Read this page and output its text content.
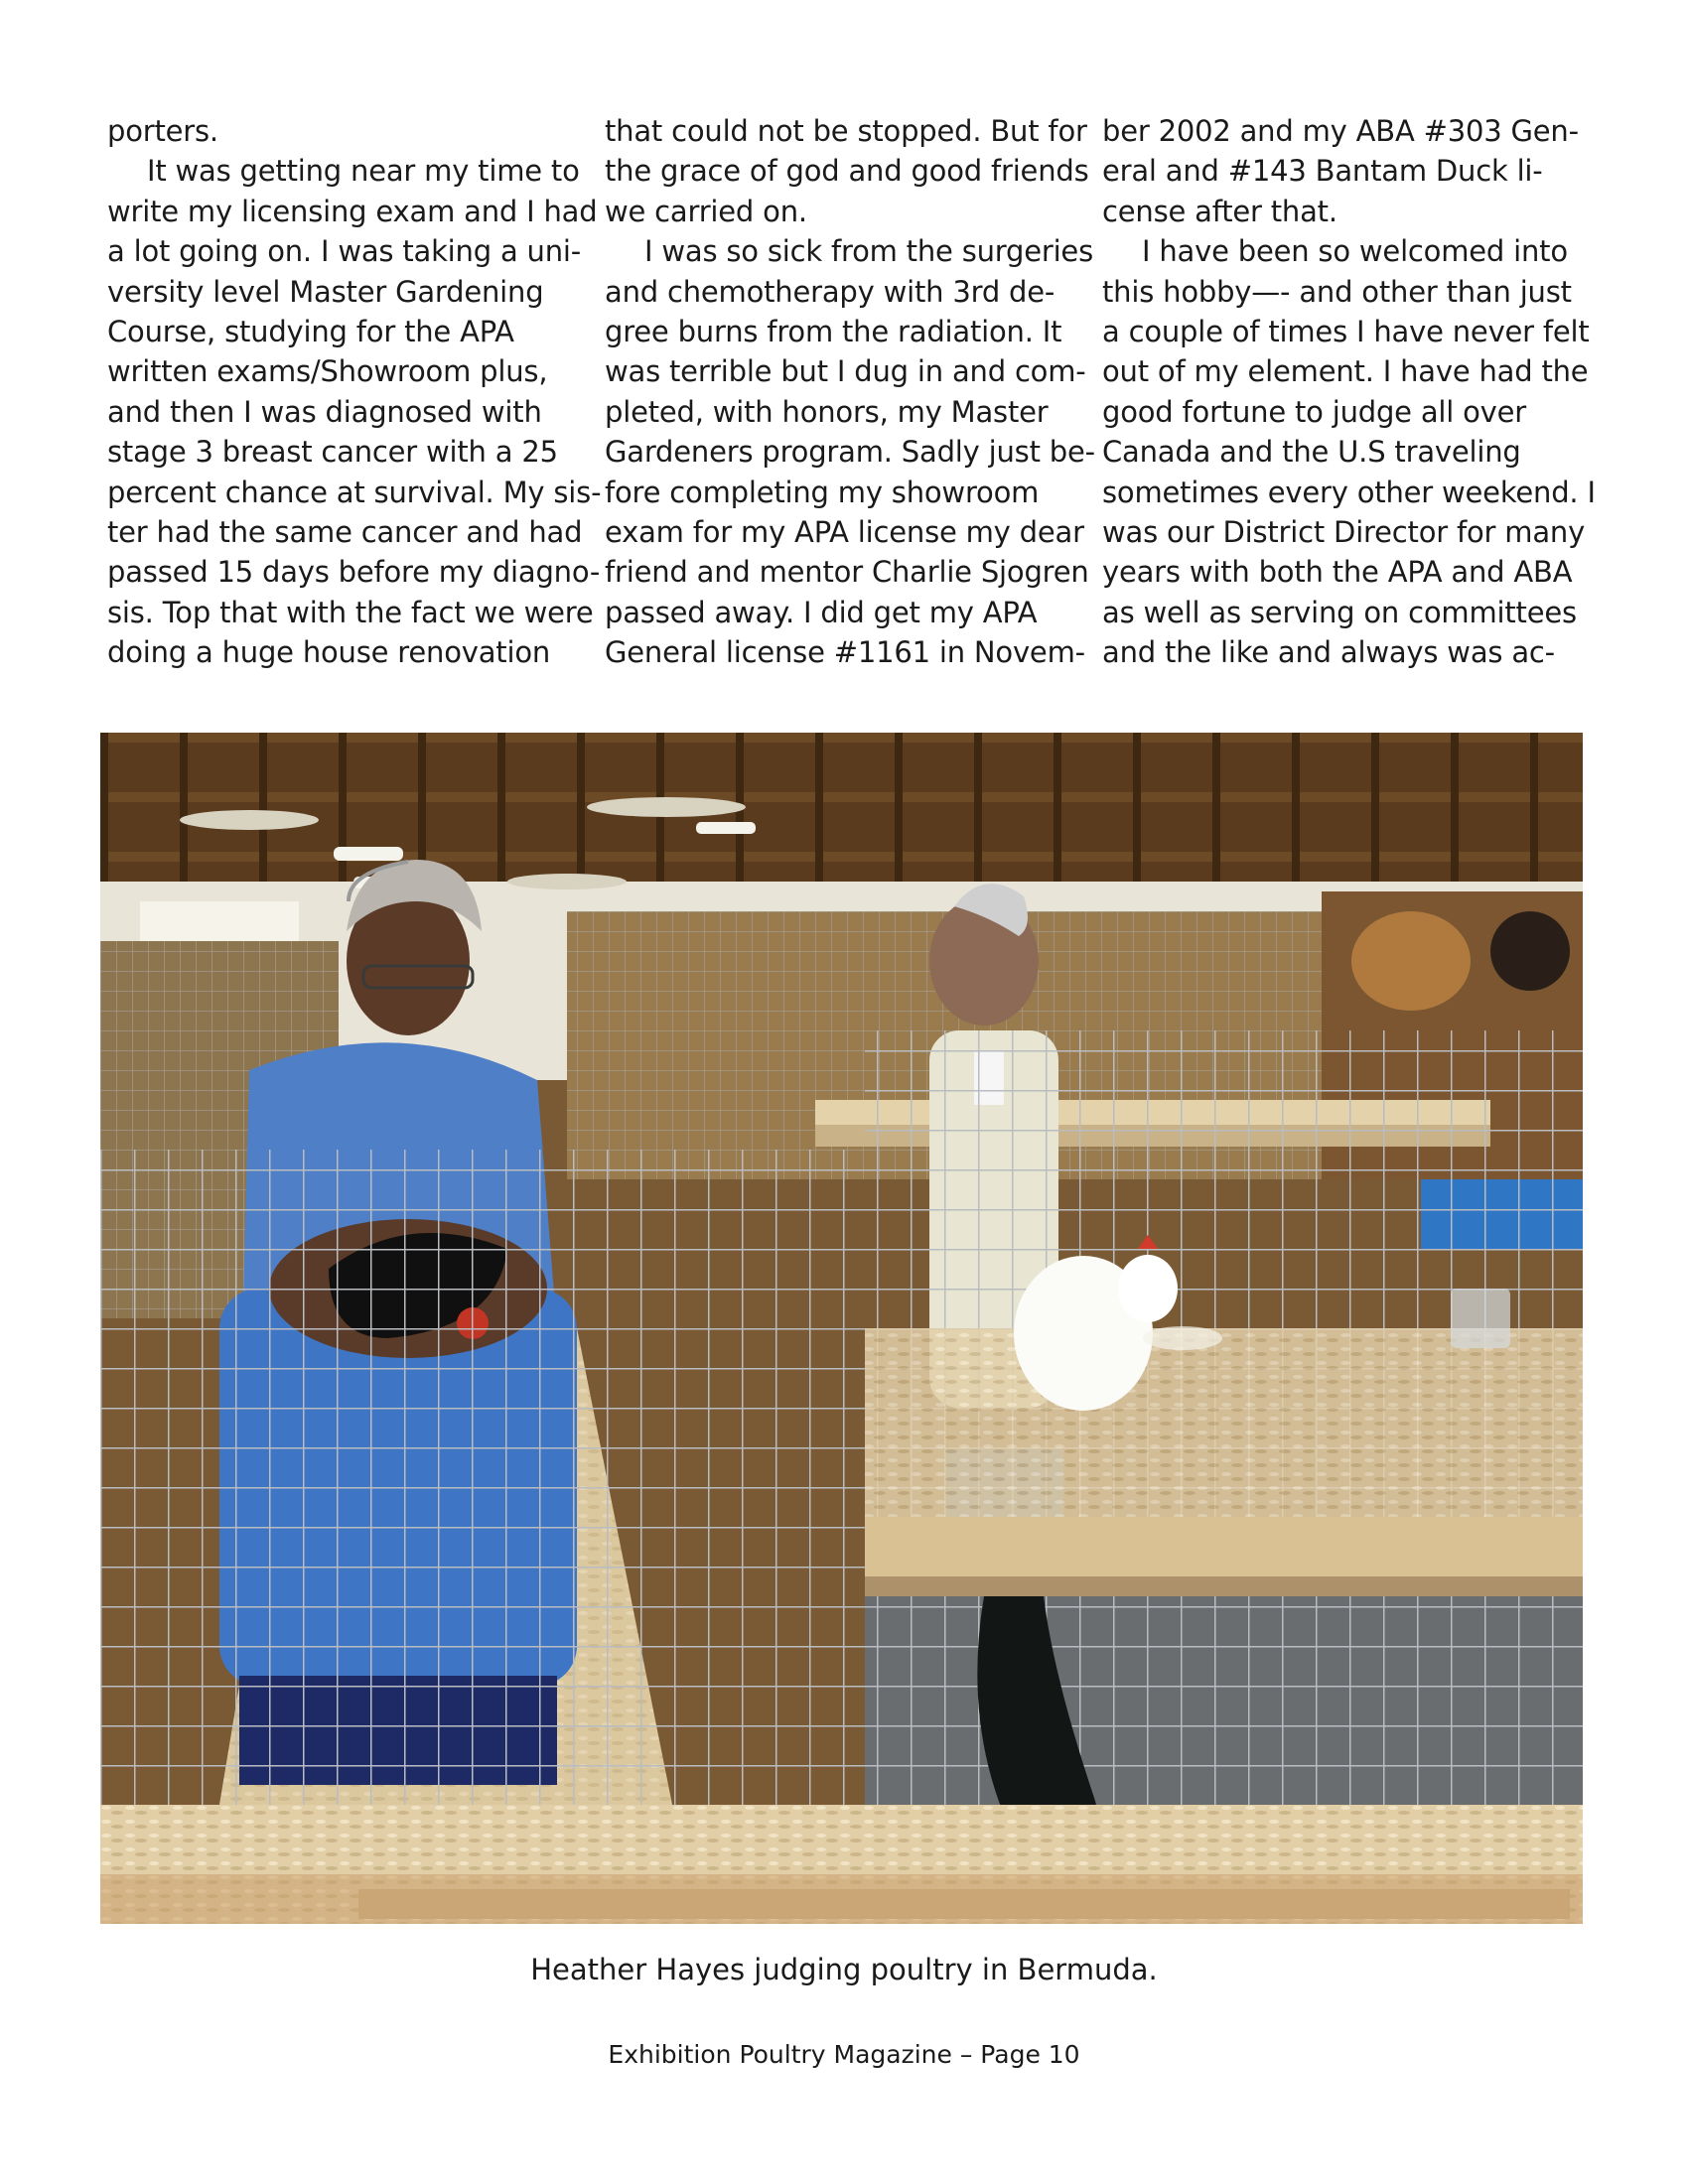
porters.
It was getting near my time to
write my licensing exam and I had
a lot going on. I was taking a uni-
versity level Master Gardening
Course, studying for the APA
written exams/Showroom plus,
and then I was diagnosed with
stage 3 breast cancer with a 25
percent chance at survival. My sis-
ter had the same cancer and had
passed 15 days before my diagno-
sis. Top that with the fact we were
doing a huge house renovation
that could not be stopped. But for
the grace of god and good friends
we carried on.
I was so sick from the surgeries
and chemotherapy with 3rd de-
gree burns from the radiation. It
was terrible but I dug in and com-
pleted, with honors, my Master
Gardeners program. Sadly just be-
fore completing my showroom
exam for my APA license my dear
friend and mentor Charlie Sjogren
passed away. I did get my APA
General license #1161 in Novem-
ber 2002 and my ABA #303 Gen-
eral and #143 Bantam Duck li-
cense after that.
I have been so welcomed into
this hobby—- and other than just
a couple of times I have never felt
out of my element. I have had the
good fortune to judge all over
Canada and the U.S traveling
sometimes every other weekend. I
was our District Director for many
years with both the APA and ABA
as well as serving on committees
and the like and always was ac-
Heather Hayes judging poultry in Bermuda.
Exhibition Poultry Magazine – Page 10
